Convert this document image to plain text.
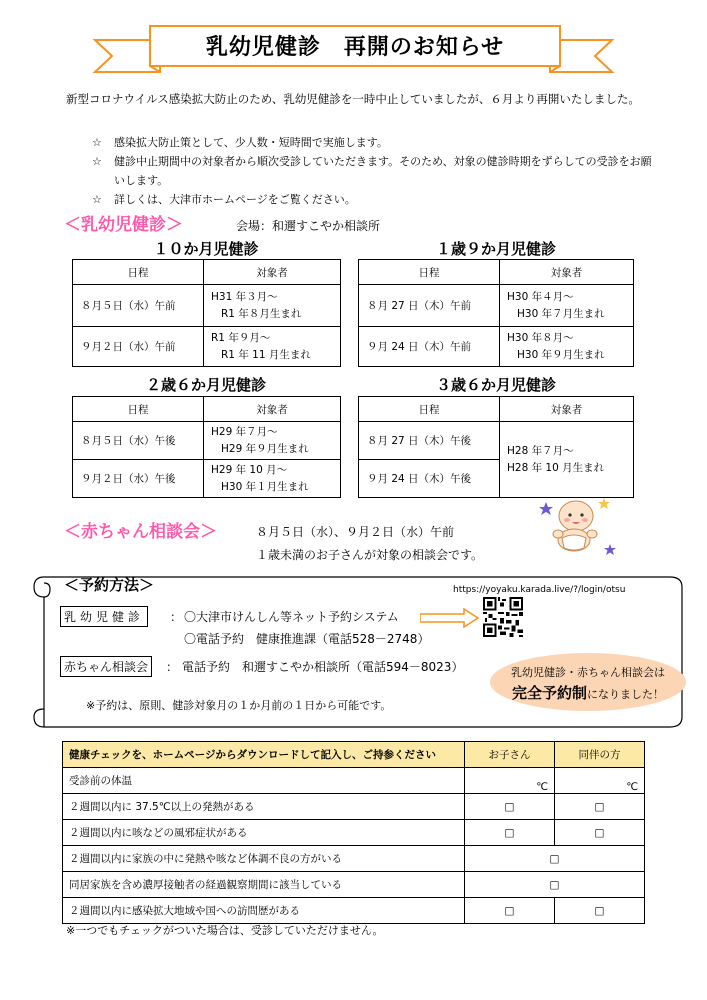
乳幼児健診　再開のお知らせ
新型コロナウイルス感染拡大防止のため、乳幼児健診を一時中止していましたが、６月より再開いたしました。
☆ 感染拡大防止策として、少人数・短時間で実施します。
☆ 健診中止期間中の対象者から順次受診していただきます。そのため、対象の健診時期をずらしての受診をお願いします。
☆ 詳しくは、大津市ホームページをご覧ください。
＜乳幼児健診＞	会場：和邇すこやか相談所
１０か月児健診
日程	対象者
８月５日（水）午前	H31 年３月～
R1 年８月生まれ

９月２日（水）午前	R1 年９月～
R1 年 11 月生まれ
１歳９か月児健診
日程	対象者
８月 27 日（木）午前	H30 年４月～
H30 年７月生まれ

９月 24 日（木）午前	H30 年８月～
H30 年９月生まれ
２歳６か月児健診
日程	対象者
８月５日（水）午後	H29 年７月～
H29 年９月生まれ

９月２日（水）午後	H29 年 10 月～
H30 年１月生まれ
３歳６か月児健診
日程	対象者
８月 27 日（木）午後	H28 年７月～
H28 年 10 月生まれ

９月 24 日（木）午後	
＜赤ちゃん相談会＞	８月５日（水）、９月２日（水）午前
１歳未満のお子さんが対象の相談会です。
＜予約方法＞	https://yoyaku.karada.live/?/login/otsu
乳幼児健診	： 〇大津市けんしん等ネット予約システム
〇電話予約　健康推進課（電話528－2748）
赤ちゃん相談会	： 電話予約　和邇すこやか相談所（電話594－8023）
※予約は、原則、健診対象月の１か月前の１日から可能です。
乳幼児健診・赤ちゃん相談会は
完全予約制になりました！
健康チェックを、ホームページからダウンロードして記入し、ご持参ください	お子さん	同伴の方
受診前の体温	℃	℃
２週間以内に 37.5℃以上の発熱がある	□	□
２週間以内に咳などの風邪症状がある	□	□
２週間以内に家族の中に発熱や咳など体調不良の方がいる	□	
同居家族を含め濃厚接触者の経過観察期間に該当している	□	
２週間以内に感染拡大地域や国への訪問歴がある	□	□
※一つでもチェックがついた場合は、受診していただけません。
